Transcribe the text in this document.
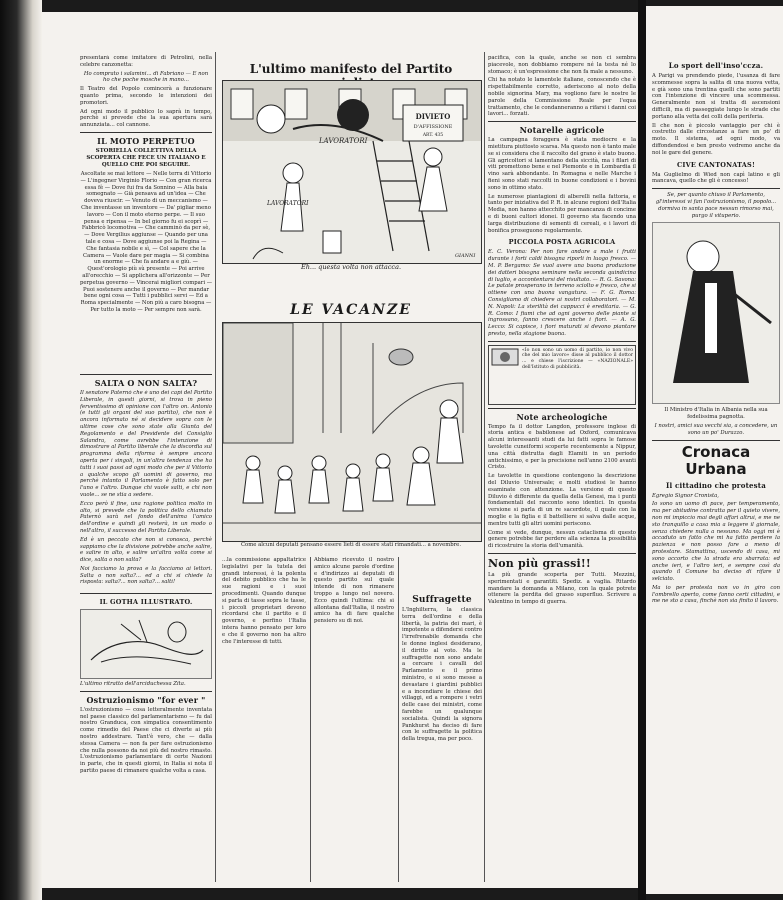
presentarà come imitatore di Petrolini, nella celebre canzonetta:

Ho comprato i salamini... di Fabriano — E non ho che poche mosche in mano...

Il Teatro del Popolo comincerà a funzionare quanto prima, secondo le intenzioni dei promotori.

Ad ogni modo il pubblico lo saprà in tempo, perchè si prevede che la sua apertura sarà annunziata... col cannone.

IL MOTO PERPETUO
STORIELLA COLLETTIVA DELLA SCOPERTA CHE FECE UN ITALIANO E QUELLO CHE POI SEGUIRE.

Ascoltate se mai lettore — Nelle terra di Vittorio — L'ingegner Virginio Florio — Con gran ricerca essa fè — Dove fui fra da Sonnino — Alla baia somegnato — Già pensava ad un'idea — Che doveva riuscir. — Venuto di un meccanismo — Che inventasse un inventore — Da' pigliar meno lavoro — Con il moto eterno perpe. — Il suo pensa e ripensa — In bel giorno fu ei scoprì — Fabbricò locomotiva — Che camminò da per sè, — Dove Vergilius aggiunse — Quando per una tale e cosa — Dove aggiunse poi la Regina — Che fantasia nobile e sì, — Col sapere che la Camera — Vuole dare per magia — Si combina un enorme — Che fa andare a e giù. — Quest'orologio più sù presente — Poi arrive all'orecchio — Si applichera all'orizzonte — Per perpetua governo — Vincerai migliori compari — Puoi sostenere anche il governo — Per mandar bene ogni cosa — Tutti i pubblici servi — Ed a Roma specialmente — Non più a caro bisogna — Per tutto la moto — Per sempre non sarà.

SALTA O NON SALTA?

Il senatore Paternò che è uno dei capi del Partito Liberale, in questi giorni, si trova in pieno ferventissimo di opinione con l'altro on. Antonio (e tutti gli organi del suo partito), che non è ancora informato né si decidere sopra con le ultime cose che sono state alla Giunta del Regolamento e del Presidente del Consiglio Salandra, come avrebbe l'intenzione di dimostrare al Partito liberale che la discordia sul programma della riforma è sempre ancora aperta per i singoli, in un'altra tendenza che ha tutti i suoi passi ad ogni modo che per il Vittorio a qualche scopo gli uomini di governo, ma perchè intanto il Parlamento è fatto solo per l'uno e l'altro. Dunque chi vuole salti, e chi non vuole... se ne stia a sedere.

Ecco però il fine, una ragione politica molto in alto, si prevede che la politica dello chiamato Paternò sarà nel fondo dell'anima l'amico dell'ordine e quindi gli resterà, in un modo o nell'altro, il successo del Partito Liberale.

Ed è un peccato che non si conosca, perchè sappiamo che la divisione potrebbe anche salire, e salire in alto, e salire un'altra volta come si dice, salta o non salta?

Noi facciamo la prova e la facciamo ai lettori. Salta o non salta?... ed a chi si chiede la risposta: salta?... non salta?... salti!

IL GOTHA ILLUSTRATO.

L'ultimo ritratto dell'arciduchessa Zita.

Ostruzionismo "for ever "

L'ostruzionismo — cosa letteralmente inventata nel paese classico del parlamentarismo — fu dal nostro Granduca, con simpatica consentimento come rimedio del Paese che ci diverte ai più nostro addestrare. Tant'è vero, che — dalla stessa Camera — non fa per fare ostruzionismo che nulla possono da noi più del nostro rimasto. L'ostruzionismo parlamentare di certe Nazioni in parte, che in questi giorni, in Italia si nota il partito paese di rimanere qualche volta a casa.

L'ultimo manifesto del Partito
DIVIETO
D'AFFISSIONE
ART. 435
LAVORATORI
LAVORATORI
GIANNI
Eh... questa volta non attacca.
LE VACANZE
Come alcuni deputati pensano essere lieti di essere stati rimandati... a novembre.

...la commissione appaltatrice legislativi per la tutela dei grandi interessi, è la polenta del debito pubblico che ha le sue ragioni e i suoi procedimenti. Quando dunque si parla di tasse sopra le tasse, i piccoli proprietari devono ricordarsi che il partito e il governo, e perfino l'Italia intera hanno pensato per loro e che il governo non ha altro che l'interesse di tutti.

Abbiamo ricevuto il nostro amico alcune parole d'ordine e d'indirizzo ai deputati di questo partito sul quale intende di non rimanere troppo a lungo nel novero. Ecco quindi l'ultima: chi si allontana dall'Italia, il nostro amico ha di fare qualche pensiero su di noi.

Suffragette

L'Inghilterra, la classica terra dell'ordine e della libertà, la patria dei mari, è impotente a difendersi contro l'irrefrenabile domanda che le donne inglesi desiderano, il diritto al voto. Ma le suffragette non sono andate a cercare i cavalli del Parlamento e il primo ministro, e si sono messe a devastare i giardini pubblici e a incendiare le chiese dei villaggi, ed a rompere i vetri delle case dei ministri, come farebbe un qualunque socialista. Quindi la signora Pankhurst ha deciso di fare con le suffragette la politica della tregua, ma per poco.

pacifica, con la quale, anche se non ci sembra piacevole, non dobbiamo rompere né la testa né lo stomaco; è un'espressione che non fa male a nessuno.

Chi ha notato le lamentele italiane, conoscendo che è rispettabilmente corretto, aderiscono al noto della nobile signorina Mary, ma vogliono fare le nostre le parole della Commissione Reale per l'equa trattamento, che le condanneranno a rifarsi i danni coi lavori... forzati.

Notarelle agricole

La campagna foraggera è stata mediocre e la mietitura piuttosto scarsa. Ma questo non è tanto male se si considera che il raccolto del grano è stato buono. Gli agricoltori si lamentano della siccità, ma i filari di viti promettono bene e nel Piemonte e in Lombardia il vino sarà abbondante. In Romagna e nelle Marche i fieni sono stati raccolti in buone condizioni e i bovini sono in ottimo stato.

Le numerose piantagioni di alberelli nella fattoria, e tanto per iniziativa del P. R. in alcune regioni dell'Italia Media, non hanno attecchito per mancanza di concime e di buoni cultori idonei. Il governo sta facendo una larga distribuzione di sementi di cereali, e i lavori di bonifica proseguono regolarmente.

PICCOLA POSTA AGRICOLA

E. C. Verona: Per non fare andare a male i frutti durante i forti caldi bisogna riporli in luogo fresco. — M. P. Bergamo: Se vuol avere una buona produzione dei datteri bisogna seminare nella seconda quindicina di luglio, e accontentarsi del risultato. — R. G. Savona: Le patate prosperano in terreno sciolto e fresco, che si ottiene con una buona vangatura. — F. G. Roma: Consigliamo di chiedere ai nostri collaboratori. — M. N. Napoli: La sterilità dei cappucci è ereditaria. — G. R. Como: I fiumi che ad ogni governo delle piante si ingrossano, fanno crescere anche i fiori. — A. G. Lecco: Si capisce, i fiori maturati si devono piantare presto, nella stagione buona.

«Io non sono un uomo di partito, io non vivo che del mio lavoro» disse al pubblico il dottor ... e chiese l'iscrizione — «NAZIONALE» dell'Istituto di pubblicità.
Note archeologiche

Tempo fa il dottor Langdon, professore inglese di storia antica e babilonese ad Oxford, comunicava alcuni interessanti studi da lui fatti sopra le famose tavolette cuneiformi scoperte recentemente a Nippur, una città distrutta dagli Elamiti in un periodo antichissimo, e per la precisione nell'anno 2100 avanti Cristo.

Le tavolette in questione contengono la descrizione del Diluvio Universale; e molti studiosi le hanno esaminate con attenzione. La versione di questo Diluvio è differente da quella della Genesi, ma i punti fondamentali del racconto sono identici. In questa versione si parla di un re sacerdote, il quale con la moglie e la figlia e il battelliere si salva dalle acque, mentre tutti gli altri uomini periscono.

Come si vede, dunque, nessun cataclisma di questo genere potrebbe far perdere alla scienza la possibilità di ricostruire la storia dell'umanità.

Non più grassi!!

La più grande scoperta per Tutti. Mezzini, sperimentati e garantiti. Spediz. a vaglia. Ritardo mandare la domanda a Milano, con la quale potrete ottenere la perdita del grasso superfluo. Scrivere a Valentino in tempo di guerra.

Lo sport dell'inso'ccza.

A Parigi va prendendo piede, l'usanza di fare scommesse sopra la salita di una nuova vetta, e già sono una trentina quelli che sono partiti con l'intenzione di vincere una scommessa. Generalmente non si tratta di ascensioni difficili, ma di passeggiate lungo le strade che portano alla vetta dei colli della periferia.

Il che non è piccolo vantaggio per chi è costretto dalle circostanze a fare un po' di moto. Il sistema, ad ogni modo, va diffondendosi e ben presto vedremo anche da noi le gare del genere.

CIVE CANTONATAS!

Ma Guglielmo di Wied non capì latino e gli mancava, quello che gli è concesso!

Se, per quanto chiuso il Parlamento, gl'interessi vi fan l'ostruzionismo, il popolo... dormiva in santa pace nessun rimorso mai, purgo il vituperio.

Il Ministro d'Italia in Albania nella sua fedelissima pagnotta.

I nostri, amici sua vecchi sia, a concedere, un sono un po' Durazzo.

Cronaca Urbana
Il cittadino che protesta

Egregio Signor Cronista,

Io sono un uomo di pace, per temperamento, ma per abitudine contratta per il quieto vivere, non mi impiccio mai degli affari altrui, e me ne sto tranquillo a casa mia a leggere il giornale, senza chiedere nulla a nessuno. Ma oggi mi è accaduto un fatto che mi ha fatto perdere la pazienza e non posso fare a meno di protestare. Stamattina, uscendo di casa, mi sono accorto che la strada era sbarrata: ed anche ieri, e l'altro ieri, e sempre così da quando il Comune ha deciso di rifare il selciato.

Ma io per protesta non vo in giro con l'ombrello aperto, come fanno certi cittadini, e me ne sto a casa, finchè non sia finito il lavoro.
